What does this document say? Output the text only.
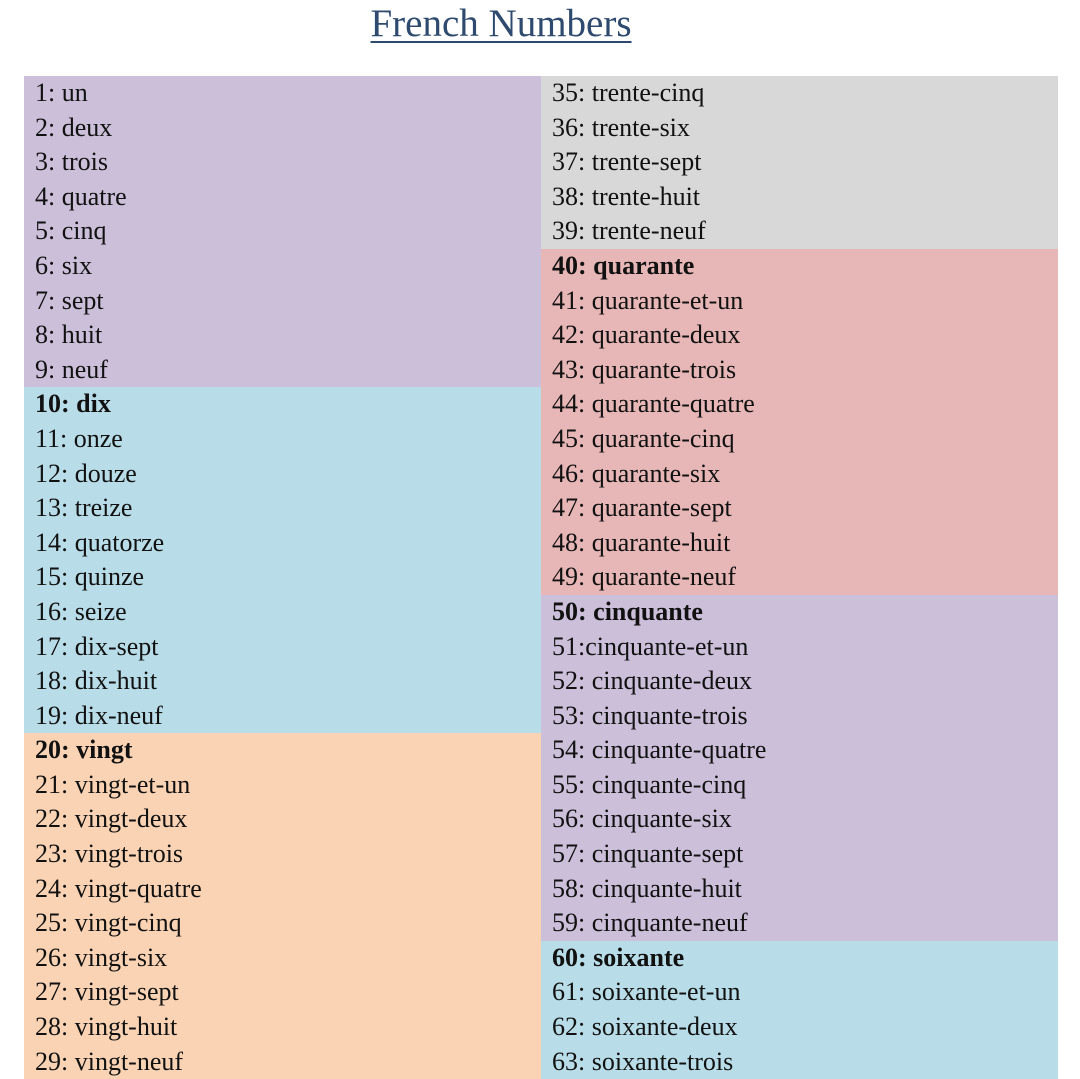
French Numbers
1: un
2: deux
3: trois
4: quatre
5: cinq
6: six
7: sept
8: huit
9: neuf
10: dix
11: onze
12: douze
13: treize
14: quatorze
15: quinze
16: seize
17: dix-sept
18: dix-huit
19: dix-neuf
20: vingt
21: vingt-et-un
22: vingt-deux
23: vingt-trois
24: vingt-quatre
25: vingt-cinq
26: vingt-six
27: vingt-sept
28: vingt-huit
29: vingt-neuf
35: trente-cinq
36: trente-six
37: trente-sept
38: trente-huit
39: trente-neuf
40: quarante
41: quarante-et-un
42: quarante-deux
43: quarante-trois
44: quarante-quatre
45: quarante-cinq
46: quarante-six
47: quarante-sept
48: quarante-huit
49: quarante-neuf
50: cinquante
51:cinquante-et-un
52: cinquante-deux
53: cinquante-trois
54: cinquante-quatre
55: cinquante-cinq
56: cinquante-six
57: cinquante-sept
58: cinquante-huit
59: cinquante-neuf
60: soixante
61: soixante-et-un
62: soixante-deux
63: soixante-trois
